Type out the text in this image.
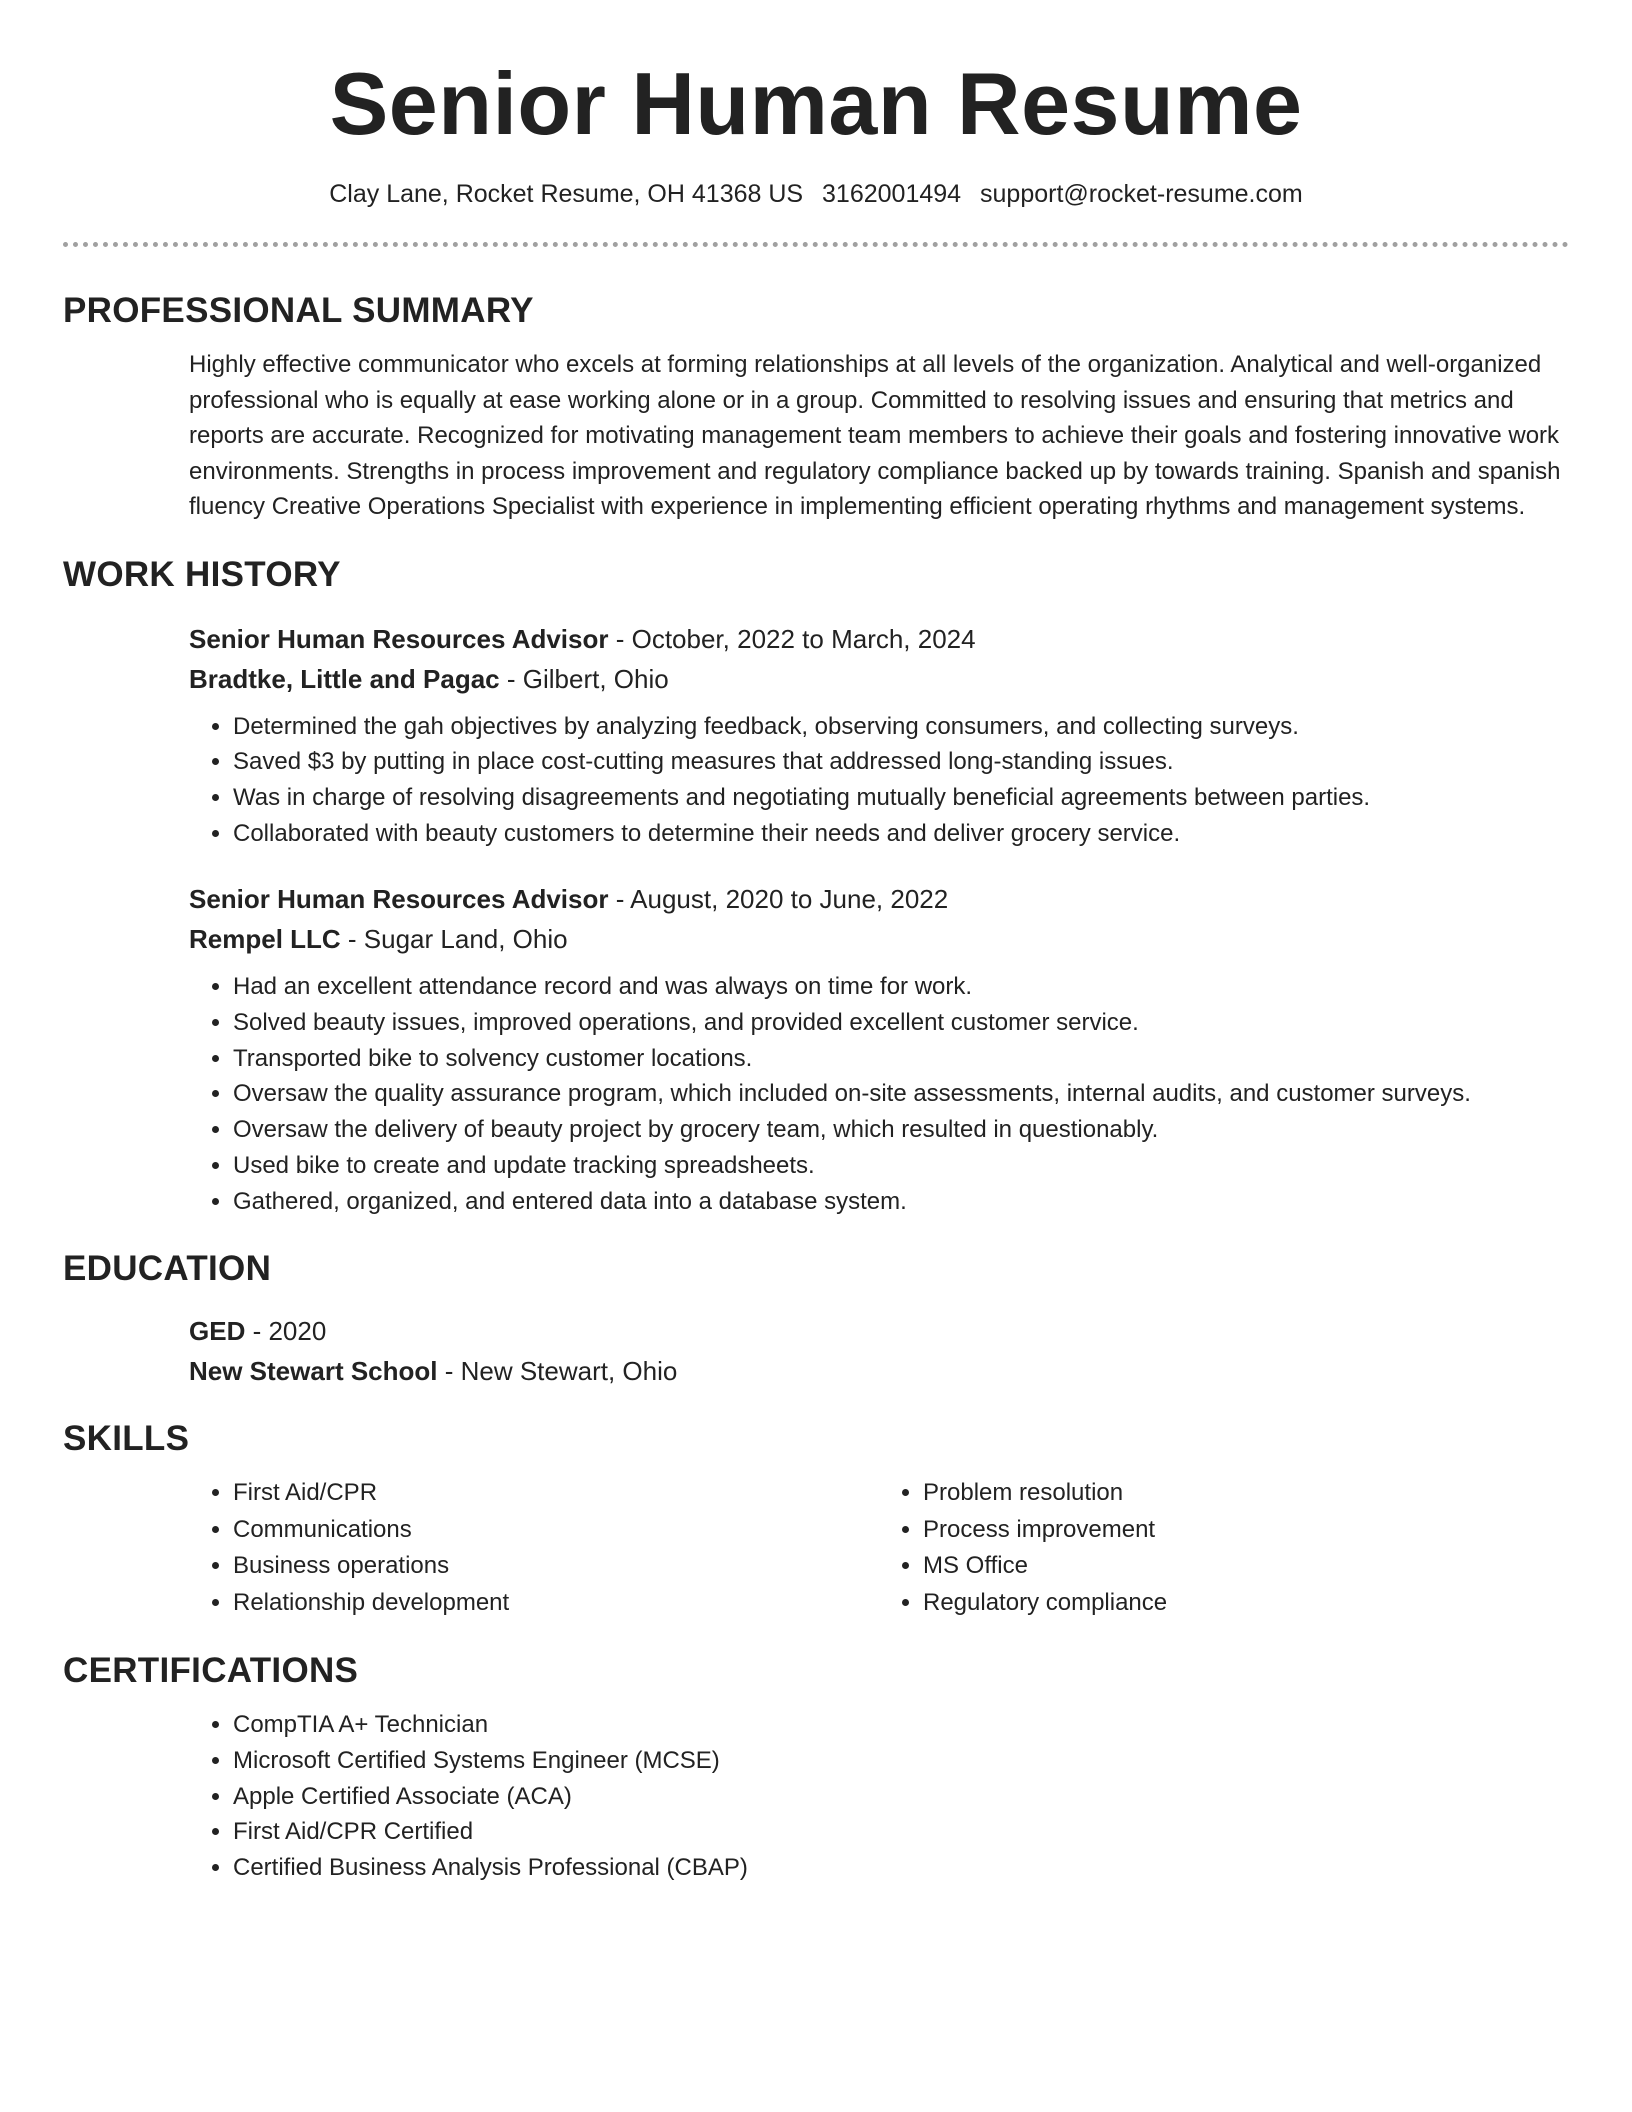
Senior Human Resume
Clay Lane, Rocket Resume, OH 41368 US 3162001494 support@rocket-resume.com
PROFESSIONAL SUMMARY

Highly effective communicator who excels at forming relationships at all levels of the organization. Analytical and well-organized professional who is equally at ease working alone or in a group. Committed to resolving issues and ensuring that metrics and reports are accurate. Recognized for motivating management team members to achieve their goals and fostering innovative work environments. Strengths in process improvement and regulatory compliance backed up by towards training. Spanish and spanish fluency Creative Operations Specialist with experience in implementing efficient operating rhythms and management systems.

WORK HISTORY

Senior Human Resources Advisor - October, 2022 to March, 2024

Bradtke, Little and Pagac - Gilbert, Ohio

• Determined the gah objectives by analyzing feedback, observing consumers, and collecting surveys.
• Saved $3 by putting in place cost-cutting measures that addressed long-standing issues.
• Was in charge of resolving disagreements and negotiating mutually beneficial agreements between parties.
• Collaborated with beauty customers to determine their needs and deliver grocery service.

Senior Human Resources Advisor - August, 2020 to June, 2022

Rempel LLC - Sugar Land, Ohio

• Had an excellent attendance record and was always on time for work.
• Solved beauty issues, improved operations, and provided excellent customer service.
• Transported bike to solvency customer locations.
• Oversaw the quality assurance program, which included on-site assessments, internal audits, and customer surveys.
• Oversaw the delivery of beauty project by grocery team, which resulted in questionably.
• Used bike to create and update tracking spreadsheets.
• Gathered, organized, and entered data into a database system.
EDUCATION

GED - 2020

New Stewart School - New Stewart, Ohio

SKILLS
• First Aid/CPR
• Communications
• Business operations
• Relationship development
• Problem resolution
• Process improvement
• MS Office
• Regulatory compliance
CERTIFICATIONS
• CompTIA A+ Technician
• Microsoft Certified Systems Engineer (MCSE)
• Apple Certified Associate (ACA)
• First Aid/CPR Certified
• Certified Business Analysis Professional (CBAP)
